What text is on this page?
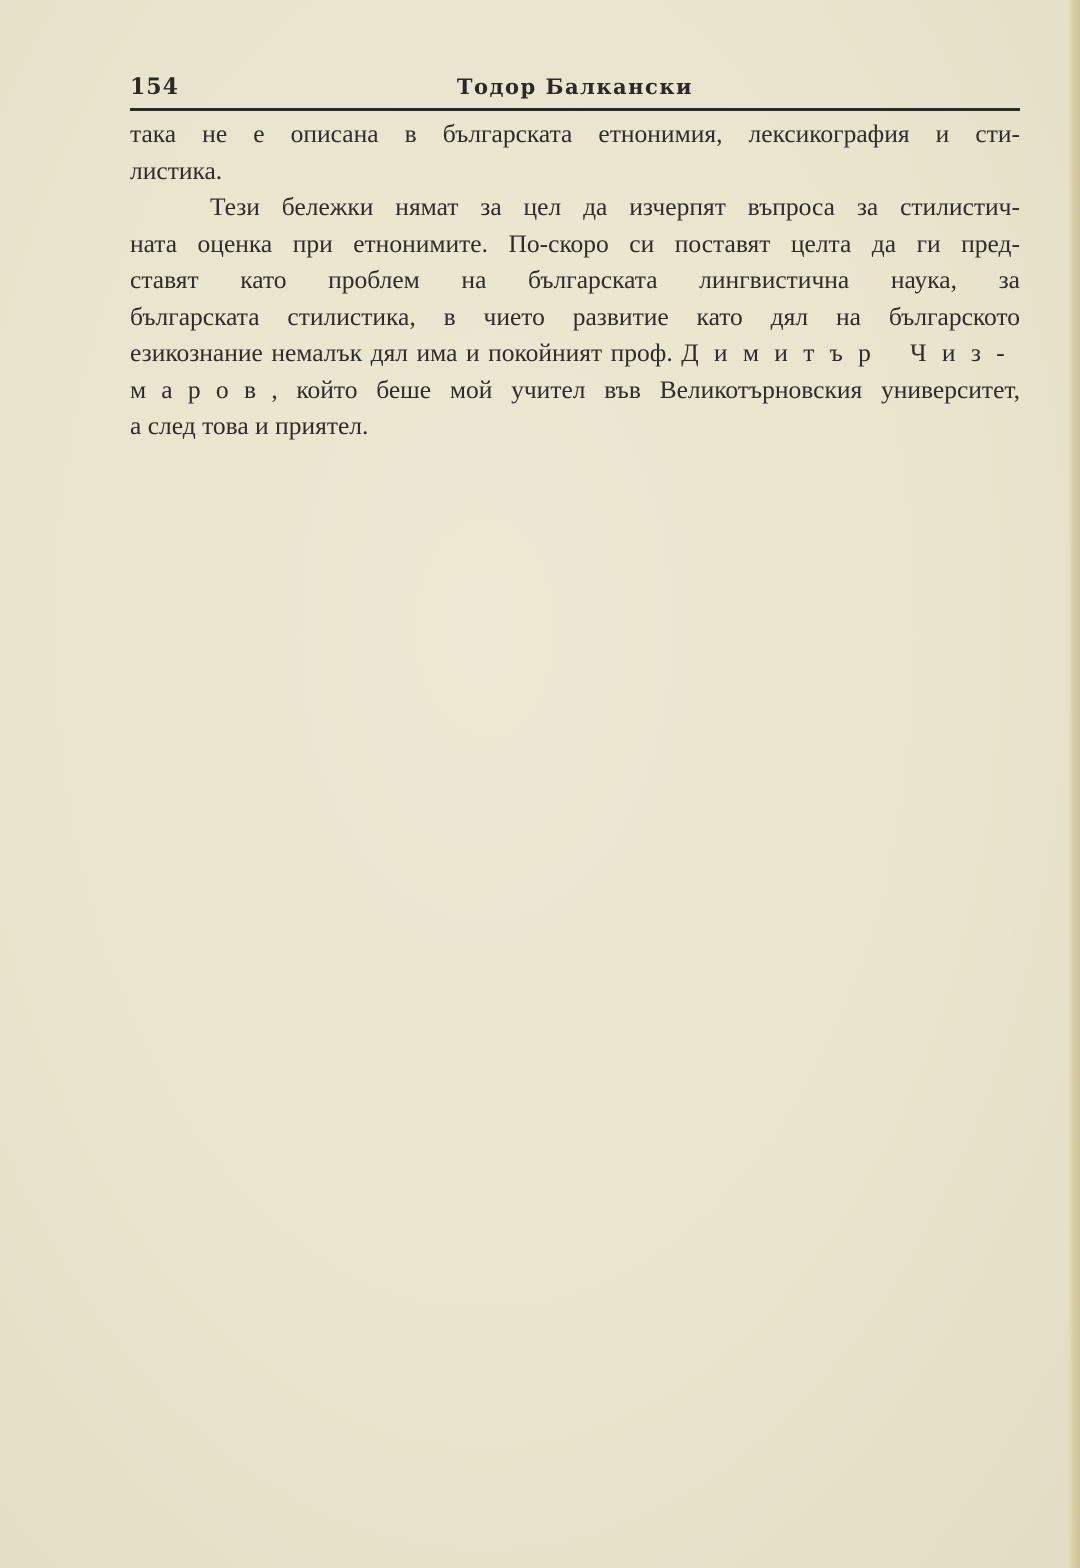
154	Тодор Балкански
така не е описана в българската етнонимия, лексикография и сти-
листика.
Тези бележки нямат за цел да изчерпят въпроса за стилистич-
ната оценка при етнонимите. По-скоро си поставят целта да ги пред-
ставят като проблем на българската лингвистична наука, за
българската стилистика, в чието развитие като дял на българското
езикознание немалък дял има и покойният проф. Димитър Чиз-
маров, който беше мой учител във Великотърновския университет,
а след това и приятел.
